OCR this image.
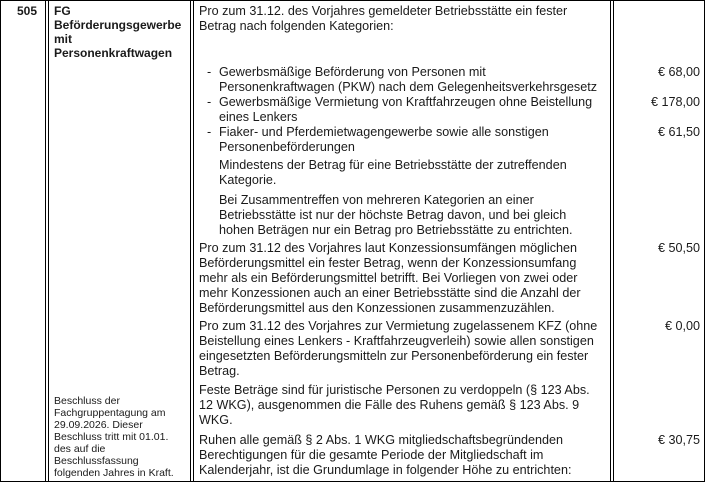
505 FG
Beförderungsgewerbe
mit
Personenkraftwagen
Beschluss der
Fachgruppentagung am
29.09.2026. Dieser
Beschluss tritt mit 01.01.
des auf die
Beschlussfassung
folgenden Jahres in Kraft.
Pro zum 31.12. des Vorjahres gemeldeter Betriebsstätte ein fester
Betrag nach folgenden Kategorien:
- Gewerbsmäßige Beförderung von Personen mit
Personenkraftwagen (PKW) nach dem Gelegenheitsverkehrsgesetz
€ 68,00
- Gewerbsmäßige Vermietung von Kraftfahrzeugen ohne Beistellung
eines Lenkers
€ 178,00
- Fiaker- und Pferdemietwagengewerbe sowie alle sonstigen
Personenbeförderungen
€ 61,50
Mindestens der Betrag für eine Betriebsstätte der zutreffenden
Kategorie.
Bei Zusammentreffen von mehreren Kategorien an einer
Betriebsstätte ist nur der höchste Betrag davon, und bei gleich
hohen Beträgen nur ein Betrag pro Betriebsstätte zu entrichten.
Pro zum 31.12 des Vorjahres laut Konzessionsumfängen möglichen
Beförderungsmittel ein fester Betrag, wenn der Konzessionsumfang
mehr als ein Beförderungsmittel betrifft. Bei Vorliegen von zwei oder
mehr Konzessionen auch an einer Betriebsstätte sind die Anzahl der
Beförderungsmittel aus den Konzessionen zusammenzuzählen.
€ 50,50
Pro zum 31.12 des Vorjahres zur Vermietung zugelassenem KFZ (ohne
Beistellung eines Lenkers - Kraftfahrzeugverleih) sowie allen sonstigen
eingesetzten Beförderungsmitteln zur Personenbeförderung ein fester
Betrag.
€ 0,00
Feste Beträge sind für juristische Personen zu verdoppeln (§ 123 Abs.
12 WKG), ausgenommen die Fälle des Ruhens gemäß § 123 Abs. 9
WKG.
Ruhen alle gemäß § 2 Abs. 1 WKG mitgliedschaftsbegründenden
Berechtigungen für die gesamte Periode der Mitgliedschaft im
Kalenderjahr, ist die Grundumlage in folgender Höhe zu entrichten:
€ 30,75
